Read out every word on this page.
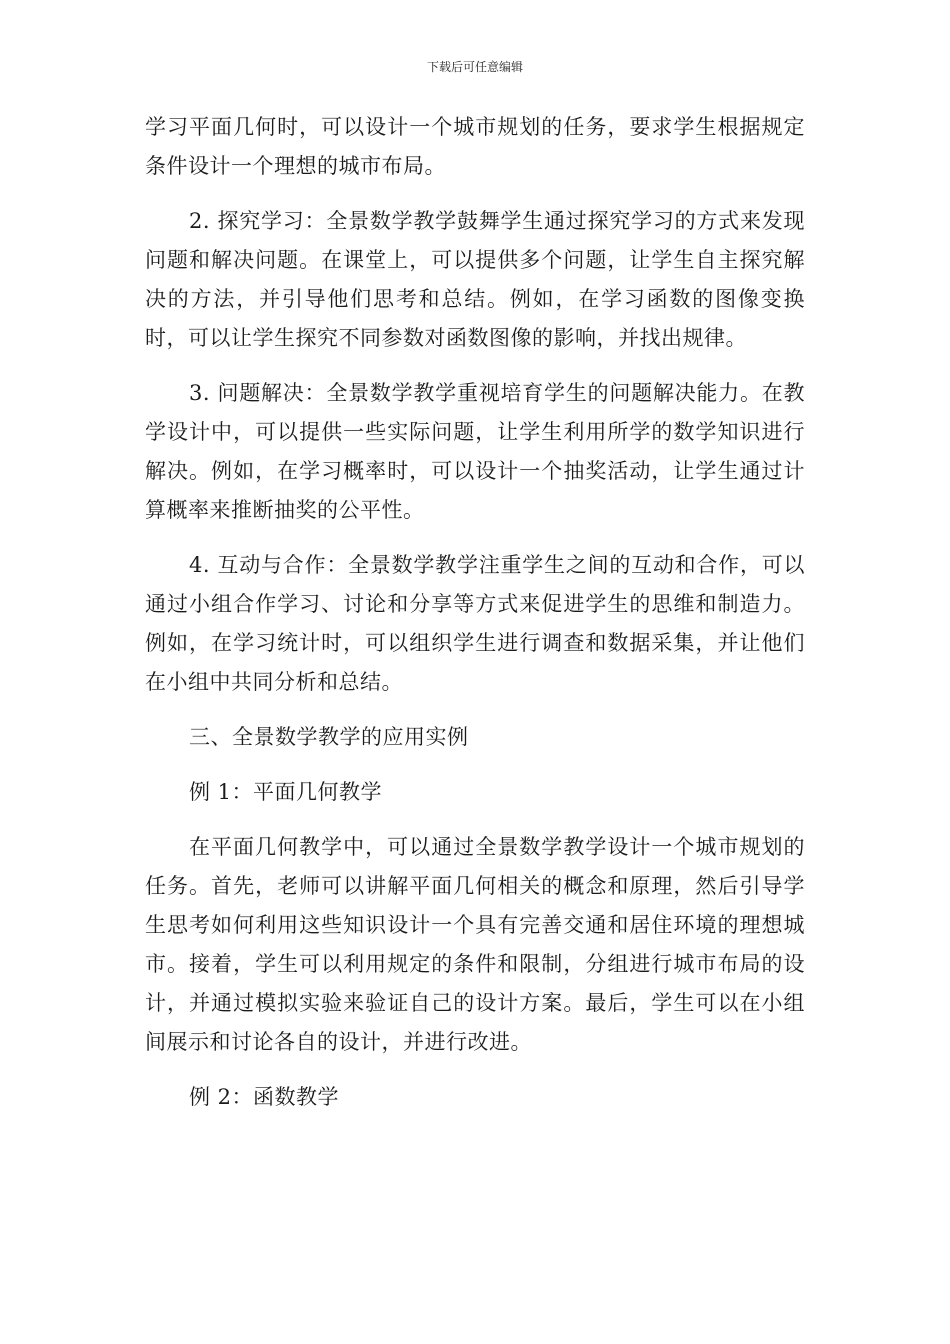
下载后可任意编辑

学习平面几何时，可以设计一个城市规划的任务，要求学生根据规定条件设计一个理想的城市布局。

2. 探究学习：全景数学教学鼓舞学生通过探究学习的方式来发现问题和解决问题。在课堂上，可以提供多个问题，让学生自主探究解决的方法，并引导他们思考和总结。例如，在学习函数的图像变换时，可以让学生探究不同参数对函数图像的影响，并找出规律。

3. 问题解决：全景数学教学重视培育学生的问题解决能力。在教学设计中，可以提供一些实际问题，让学生利用所学的数学知识进行解决。例如，在学习概率时，可以设计一个抽奖活动，让学生通过计算概率来推断抽奖的公平性。

4. 互动与合作：全景数学教学注重学生之间的互动和合作，可以通过小组合作学习、讨论和分享等方式来促进学生的思维和制造力。例如，在学习统计时，可以组织学生进行调查和数据采集，并让他们在小组中共同分析和总结。

三、全景数学教学的应用实例

例 1：平面几何教学

在平面几何教学中，可以通过全景数学教学设计一个城市规划的任务。首先，老师可以讲解平面几何相关的概念和原理，然后引导学生思考如何利用这些知识设计一个具有完善交通和居住环境的理想城市。接着，学生可以利用规定的条件和限制，分组进行城市布局的设计，并通过模拟实验来验证自己的设计方案。最后，学生可以在小组间展示和讨论各自的设计，并进行改进。

例 2：函数教学
